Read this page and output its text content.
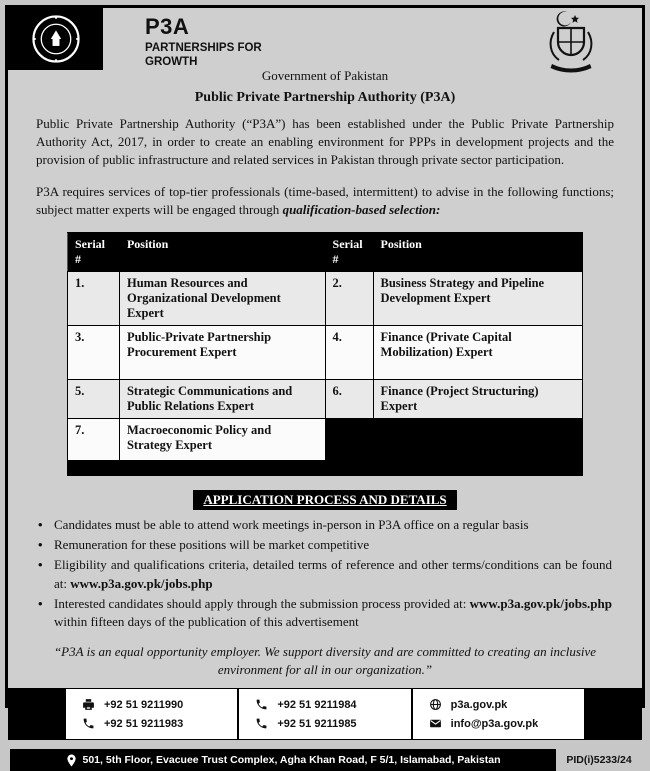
P3A
PARTNERSHIPS FOR GROWTH
Government of Pakistan
Public Private Partnership Authority (P3A)

Public Private Partnership Authority (“P3A”) has been established under the Public Private Partnership Authority Act, 2017, in order to create an enabling environment for PPPs in development projects and the provision of public infrastructure and related services in Pakistan through private sector participation.

P3A requires services of top-tier professionals (time-based, intermittent) to advise in the following functions; subject matter experts will be engaged through qualification-based selection:

Serial #	Position	Serial #	Position
1.	Human Resources and Organizational Development Expert	2.	Business Strategy and Pipeline Development Expert
3.	Public-Private Partnership Procurement Expert	4.	Finance (Private Capital Mobilization) Expert
5.	Strategic Communications and Public Relations Expert	6.	Finance (Project Structuring) Expert
7.	Macroeconomic Policy and Strategy Expert		

APPLICATION PROCESS AND DETAILS
• Candidates must be able to attend work meetings in-person in P3A office on a regular basis
• Remuneration for these positions will be market competitive
• Eligibility and qualifications criteria, detailed terms of reference and other terms/conditions can be found at: www.p3a.gov.pk/jobs.php
• Interested candidates should apply through the submission process provided at: www.p3a.gov.pk/jobs.php within fifteen days of the publication of this advertisement
“P3A is an equal opportunity employer. We support diversity and are committed to creating an inclusive environment for all in our organization.”
+92 51 9211990
+92 51 9211983
+92 51 9211984
+92 51 9211985
p3a.gov.pk
info@p3a.gov.pk
501, 5th Floor, Evacuee Trust Complex, Agha Khan Road, F 5/1, Islamabad, Pakistan	PID(i)5233/24
